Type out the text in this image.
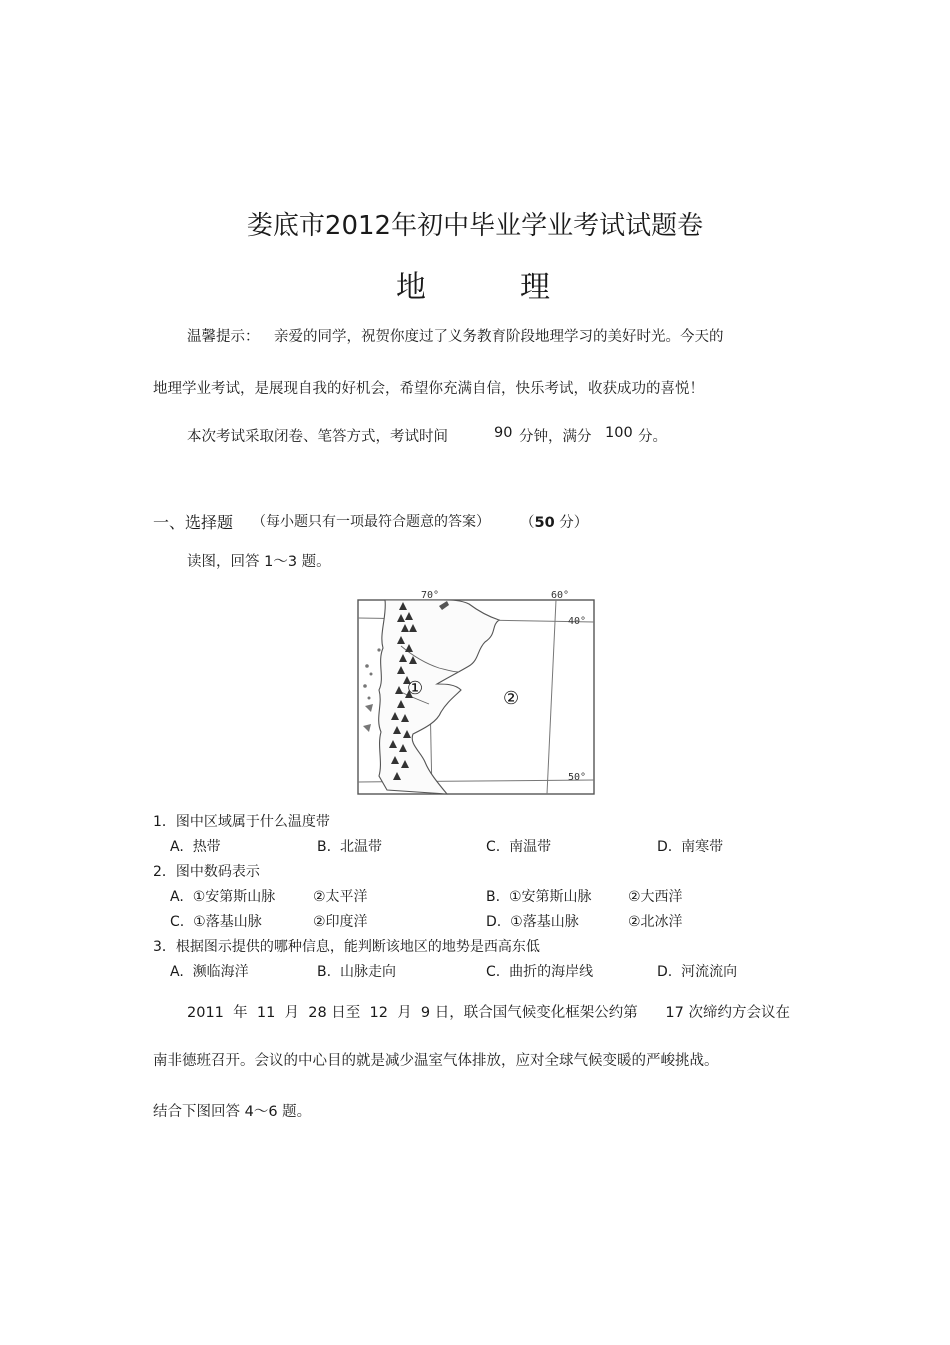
娄底市2012年初中毕业学业考试试题卷
地	理
温馨提示： 亲爱的同学，祝贺你度过了义务教育阶段地理学习的美好时光。今天的
地理学业考试，是展现自我的好机会，希望你充满自信，快乐考试，收获成功的喜悦！
本次考试采取闭卷、笔答方式，考试时间	90 分钟，满分 100 分。
一、选择题 （每小题只有一项最符合题意的答案） （50 分）
读图，回答 1～3 题。
70°	60°
40°
50°
①	②
1．图中区域属于什么温度带
A. 热带	B. 北温带	C. 南温带	D. 南寒带
2．图中数码表示
A. ①安第斯山脉	②太平洋	B. ①安第斯山脉	②大西洋
C. ①落基山脉	②印度洋	D. ①落基山脉	②北冰洋
3．根据图示提供的哪种信息，能判断该地区的地势是西高东低
A. 濒临海洋	B. 山脉走向	C. 曲折的海岸线	D. 河流流向
2011 年 11 月 28 日至 12 月 9 日，联合国气候变化框架公约第 17 次缔约方会议在
南非德班召开。会议的中心目的就是减少温室气体排放，应对全球气候变暖的严峻挑战。
结合下图回答 4～6 题。
